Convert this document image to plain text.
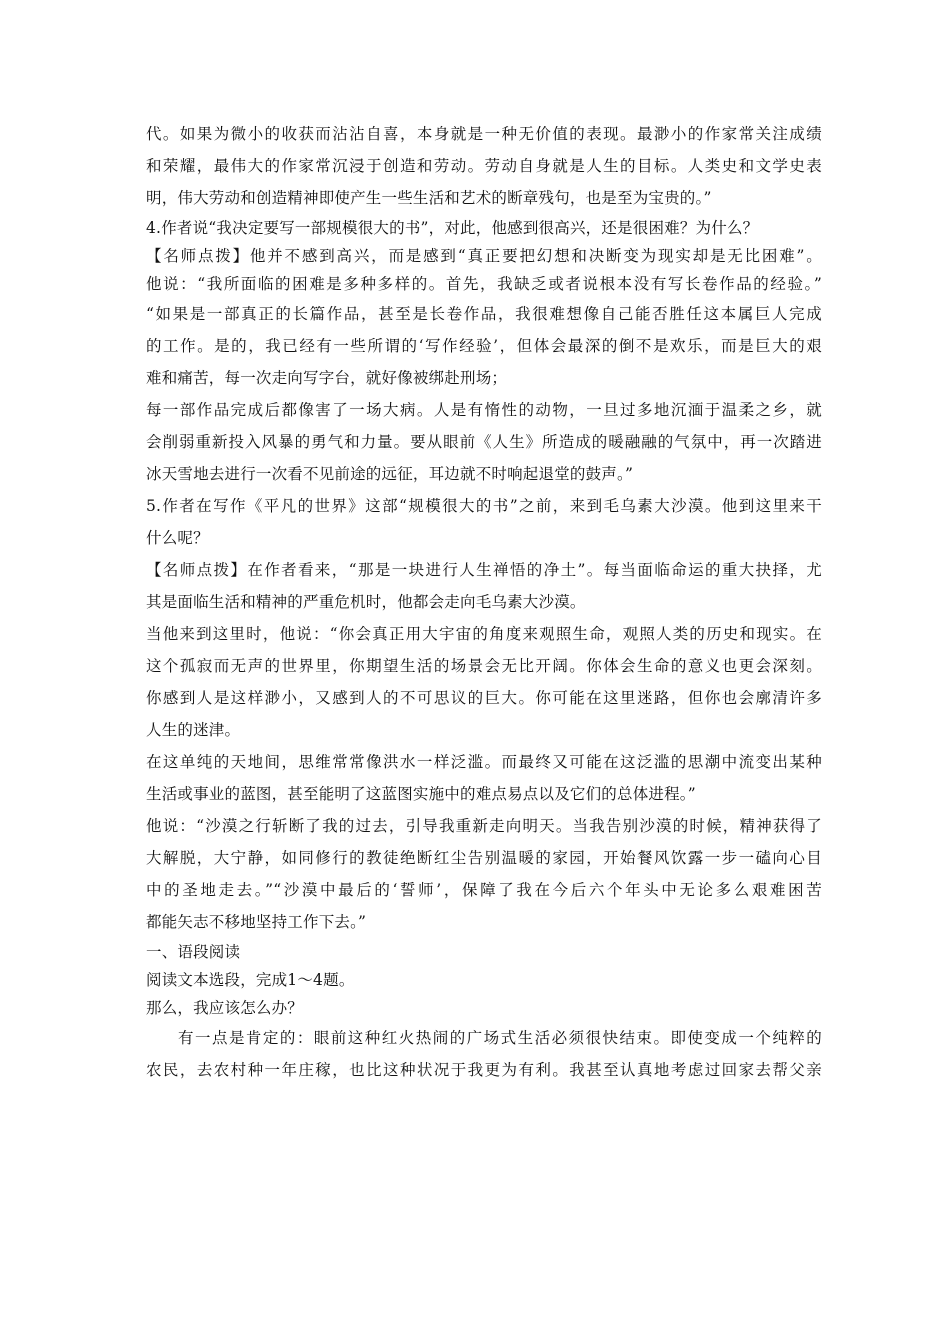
代。如果为微小的收获而沾沾自喜，本身就是一种无价值的表现。最渺小的作家常关注成绩
和荣耀，最伟大的作家常沉浸于创造和劳动。劳动自身就是人生的目标。人类史和文学史表
明，伟大劳动和创造精神即使产生一些生活和艺术的断章残句，也是至为宝贵的。”
4.作者说“我决定要写一部规模很大的书”，对此，他感到很高兴，还是很困难？为什么？
【名师点拨】他并不感到高兴，而是感到“真正要把幻想和决断变为现实却是无比困难”。
他说：“我所面临的困难是多种多样的。首先，我缺乏或者说根本没有写长卷作品的经验。”
“如果是一部真正的长篇作品，甚至是长卷作品，我很难想像自己能否胜任这本属巨人完成
的工作。是的，我已经有一些所谓的‘写作经验’，但体会最深的倒不是欢乐，而是巨大的艰
难和痛苦，每一次走向写字台，就好像被绑赴刑场；
每一部作品完成后都像害了一场大病。人是有惰性的动物，一旦过多地沉湎于温柔之乡，就
会削弱重新投入风暴的勇气和力量。要从眼前《人生》所造成的暖融融的气氛中，再一次踏进
冰天雪地去进行一次看不见前途的远征，耳边就不时响起退堂的鼓声。”
5.作者在写作《平凡的世界》这部“规模很大的书”之前，来到毛乌素大沙漠。他到这里来干
什么呢？
【名师点拨】在作者看来，“那是一块进行人生禅悟的净土”。每当面临命运的重大抉择，尤
其是面临生活和精神的严重危机时，他都会走向毛乌素大沙漠。
当他来到这里时，他说：“你会真正用大宇宙的角度来观照生命，观照人类的历史和现实。在
这个孤寂而无声的世界里，你期望生活的场景会无比开阔。你体会生命的意义也更会深刻。
你感到人是这样渺小，又感到人的不可思议的巨大。你可能在这里迷路，但你也会廓清许多
人生的迷津。
在这单纯的天地间，思维常常像洪水一样泛滥。而最终又可能在这泛滥的思潮中流变出某种
生活或事业的蓝图，甚至能明了这蓝图实施中的难点易点以及它们的总体进程。”
他说：“沙漠之行斩断了我的过去，引导我重新走向明天。当我告别沙漠的时候，精神获得了
大解脱，大宁静，如同修行的教徒绝断红尘告别温暖的家园，开始餐风饮露一步一磕向心目
中的圣地走去。”“沙漠中最后的‘誓师’，保障了我在今后六个年头中无论多么艰难困苦
都能矢志不移地坚持工作下去。”
一、语段阅读
阅读文本选段，完成1～4题。
那么，我应该怎么办？
有一点是肯定的：眼前这种红火热闹的广场式生活必须很快结束。即使变成一个纯粹的
农民，去农村种一年庄稼，也比这种状况于我更为有利。我甚至认真地考虑过回家去帮父亲
